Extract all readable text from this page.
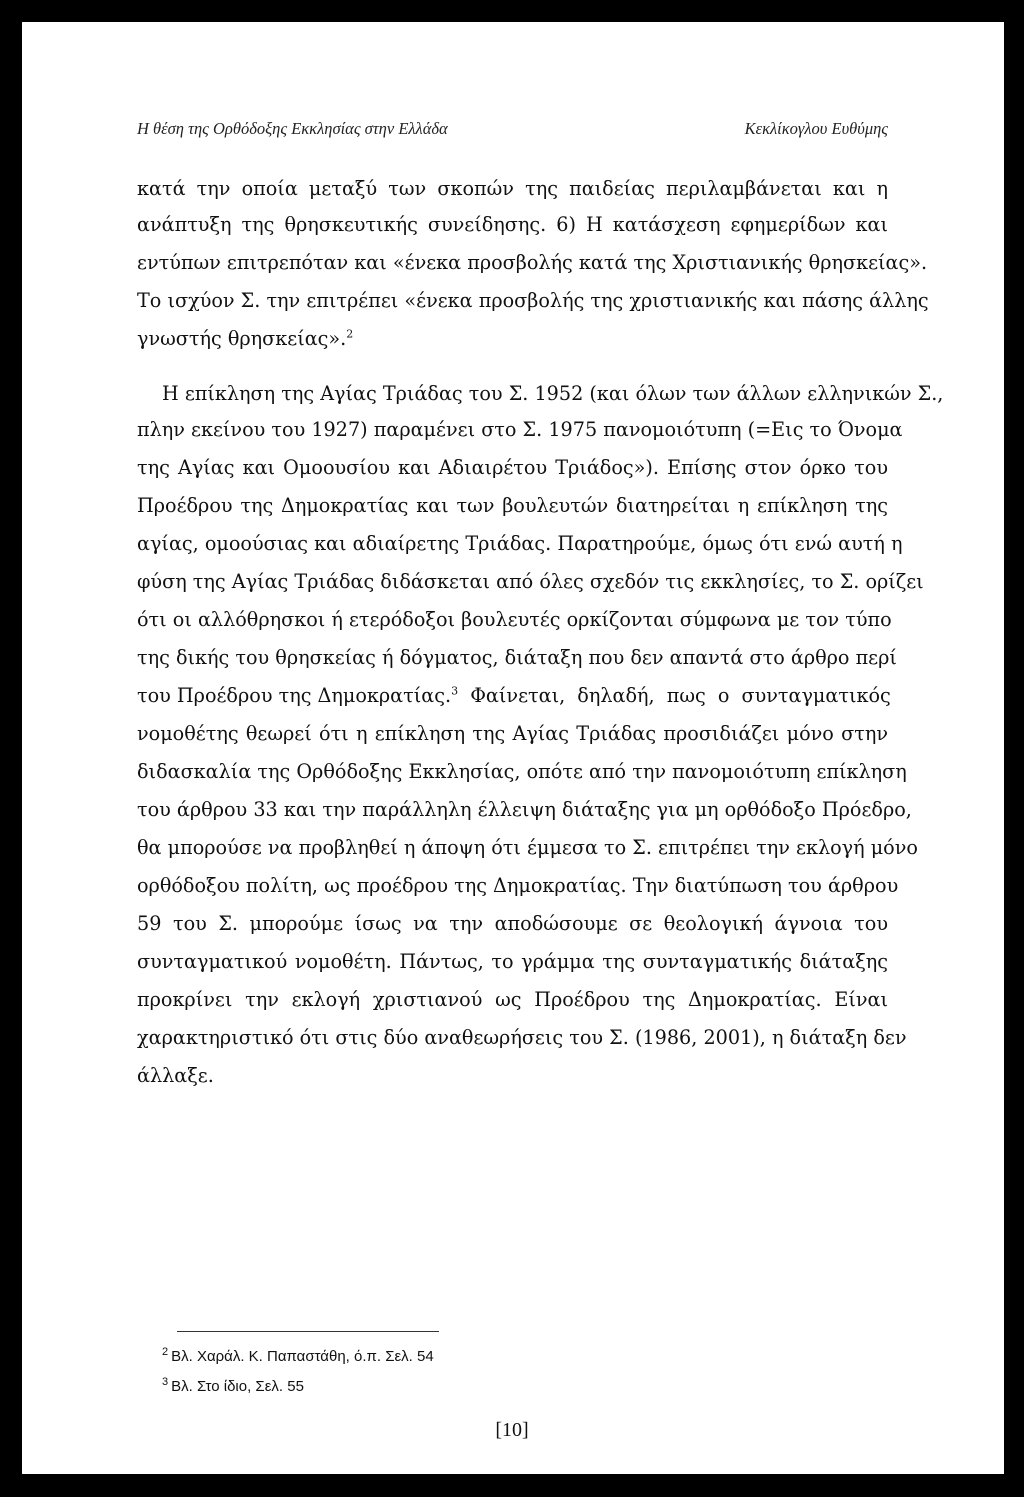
Η θέση της Ορθόδοξης Εκκλησίας στην Ελλάδα	Κεκλίκογλου Ευθύμης
κατά την οποία μεταξύ των σκοπών της παιδείας περιλαμβάνεται και η
ανάπτυξη της θρησκευτικής συνείδησης. 6) Η κατάσχεση εφημερίδων και
εντύπων επιτρεπόταν και «ένεκα προσβολής κατά της Χριστιανικής θρησκείας».
Το ισχύον Σ. την επιτρέπει «ένεκα προσβολής της χριστιανικής και πάσης άλλης
γνωστής θρησκείας».$^2$
Η επίκληση της Αγίας Τριάδας του Σ. 1952 (και όλων των άλλων ελληνικών Σ.,
πλην εκείνου του 1927) παραμένει στο Σ. 1975 πανομοιότυπη (=Εις το Όνομα
της Αγίας και Ομοουσίου και Αδιαιρέτου Τριάδος»). Επίσης στον όρκο του
Προέδρου της Δημοκρατίας και των βουλευτών διατηρείται η επίκληση της
αγίας, ομοούσιας και αδιαίρετης Τριάδας. Παρατηρούμε, όμως ότι ενώ αυτή η
φύση της Αγίας Τριάδας διδάσκεται από όλες σχεδόν τις εκκλησίες, το Σ. ορίζει
ότι οι αλλόθρησκοι ή ετερόδοξοι βουλευτές ορκίζονται σύμφωνα με τον τύπο
της δικής του θρησκείας ή δόγματος, διάταξη που δεν απαντά στο άρθρο περί
του Προέδρου της Δημοκρατίας.$^3$ Φαίνεται, δηλαδή, πως ο συνταγματικός
νομοθέτης θεωρεί ότι η επίκληση της Αγίας Τριάδας προσιδιάζει μόνο στην
διδασκαλία της Ορθόδοξης Εκκλησίας, οπότε από την πανομοιότυπη επίκληση
του άρθρου 33 και την παράλληλη έλλειψη διάταξης για μη ορθόδοξο Πρόεδρο,
θα μπορούσε να προβληθεί η άποψη ότι έμμεσα το Σ. επιτρέπει την εκλογή μόνο
ορθόδοξου πολίτη, ως προέδρου της Δημοκρατίας. Την διατύπωση του άρθρου
59 του Σ. μπορούμε ίσως να την αποδώσουμε σε θεολογική άγνοια του
συνταγματικού νομοθέτη. Πάντως, το γράμμα της συνταγματικής διάταξης
προκρίνει την εκλογή χριστιανού ως Προέδρου της Δημοκρατίας. Είναι
χαρακτηριστικό ότι στις δύο αναθεωρήσεις του Σ. (1986, 2001), η διάταξη δεν
άλλαξε.
$^2$ Βλ. Χαράλ. Κ. Παπαστάθη, ό.π. Σελ. 54
$^3$ Βλ. Στο ίδιο, Σελ. 55
[10]
